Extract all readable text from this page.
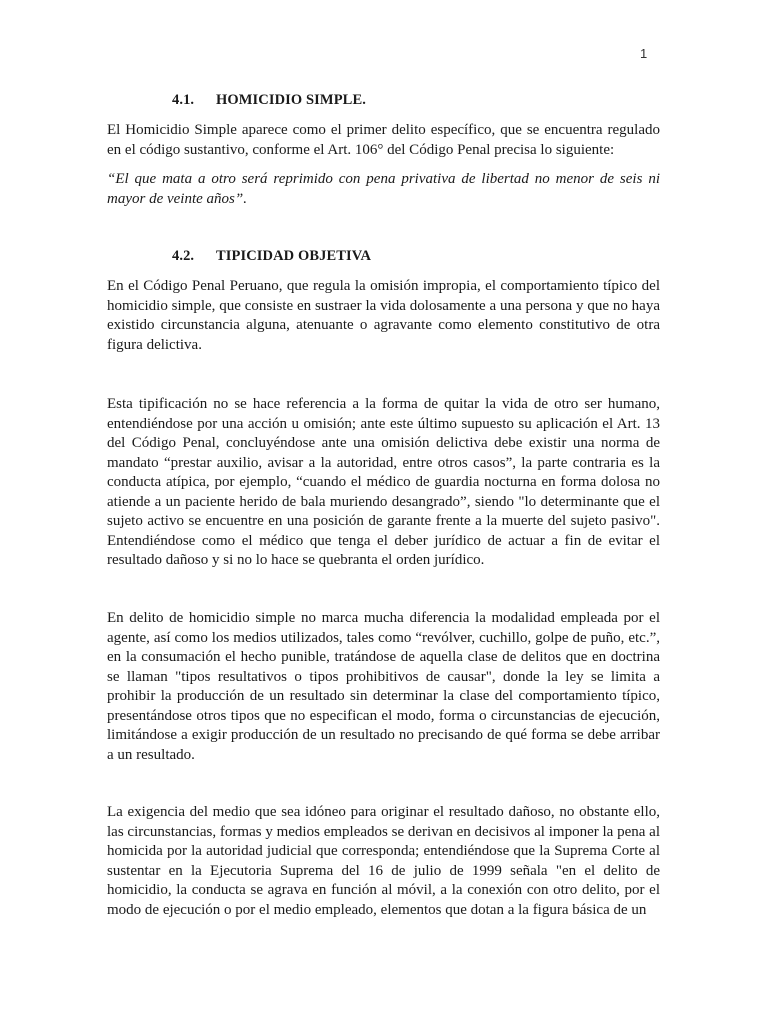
1
4.1. HOMICIDIO SIMPLE.

El Homicidio Simple aparece como el primer delito específico, que se encuentra regulado en el código sustantivo, conforme el Art. 106° del Código Penal precisa lo siguiente:

“El que mata a otro será reprimido con pena privativa de libertad no menor de seis ni mayor de veinte años”.

4.2. TIPICIDAD OBJETIVA

En el Código Penal Peruano, que regula la omisión impropia, el comportamiento típico del homicidio simple, que consiste en sustraer la vida dolosamente a una persona y que no haya existido circunstancia alguna, atenuante o agravante como elemento constitutivo de otra figura delictiva.

Esta tipificación no se hace referencia a la forma de quitar la vida de otro ser humano, entendiéndose por una acción u omisión; ante este último supuesto su aplicación el Art. 13 del Código Penal, concluyéndose ante una omisión delictiva debe existir una norma de mandato “prestar auxilio, avisar a la autoridad, entre otros casos”, la parte contraria es la conducta atípica, por ejemplo, “cuando el médico de guardia nocturna en forma dolosa no atiende a un paciente herido de bala muriendo desangrado”, siendo "lo determinante que el sujeto activo se encuentre en una posición de garante frente a la muerte del sujeto pasivo". Entendiéndose como el médico que tenga el deber jurídico de actuar a fin de evitar el resultado dañoso y si no lo hace se quebranta el orden jurídico.

En delito de homicidio simple no marca mucha diferencia la modalidad empleada por el agente, así como los medios utilizados, tales como “revólver, cuchillo, golpe de puño, etc.”, en la consumación el hecho punible, tratándose de aquella clase de delitos que en doctrina se llaman "tipos resultativos o tipos prohibitivos de causar", donde la ley se limita a prohibir la producción de un resultado sin determinar la clase del comportamiento típico, presentándose otros tipos que no especifican el modo, forma o circunstancias de ejecución, limitándose a exigir producción de un resultado no precisando de qué forma se debe arribar a un resultado.

La exigencia del medio que sea idóneo para originar el resultado dañoso, no obstante ello, las circunstancias, formas y medios empleados se derivan en decisivos al imponer la pena al homicida por la autoridad judicial que corresponda; entendiéndose que la Suprema Corte al sustentar en la Ejecutoria Suprema del 16 de julio de 1999 señala "en el delito de homicidio, la conducta se agrava en función al móvil, a la conexión con otro delito, por el modo de ejecución o por el medio empleado, elementos que dotan a la figura básica de un
